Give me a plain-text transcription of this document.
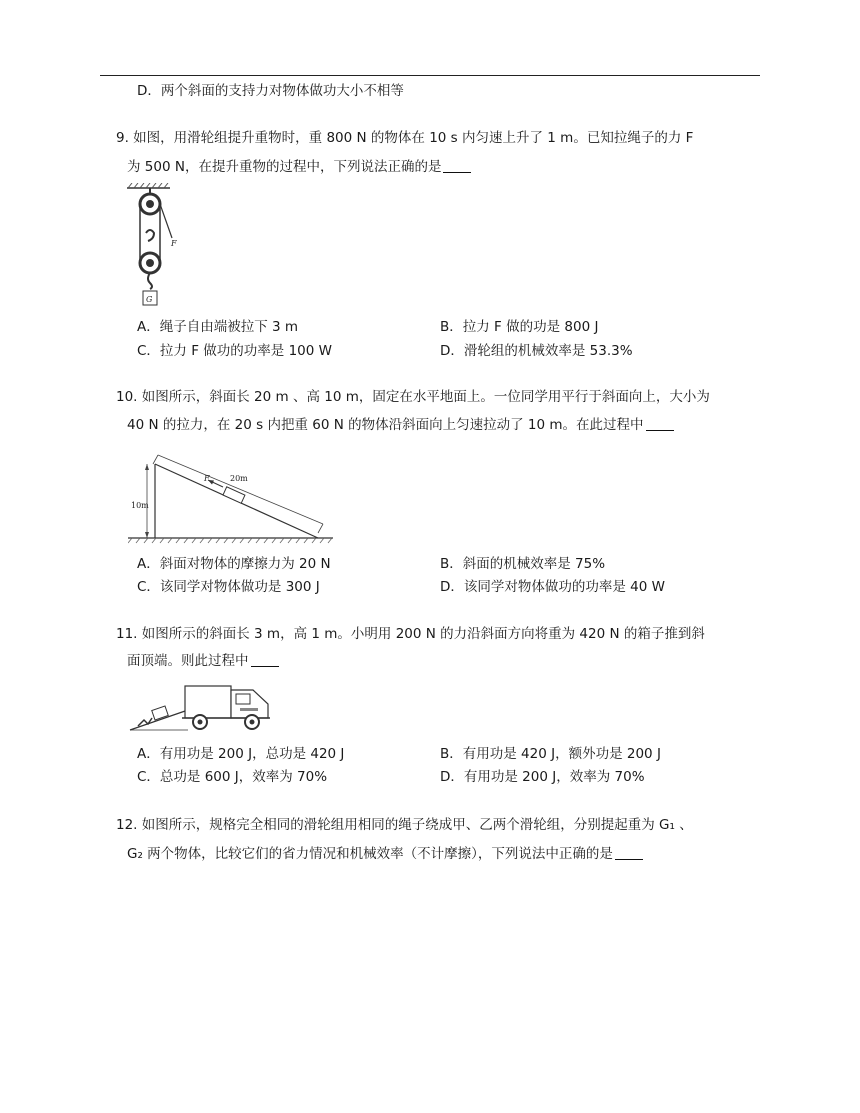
D．两个斜面的支持力对物体做功大小不相等
9. 如图，用滑轮组提升重物时，重 800 N 的物体在 10 s 内匀速上升了 1 m。已知拉绳子的力 F
为 500 N，在提升重物的过程中，下列说法正确的是
F
G
A．绳子自由端被拉下 3 m	B．拉力 F 做的功是 800 J
C．拉力 F 做功的功率是 100 W	D．滑轮组的机械效率是 53.3%
10. 如图所示，斜面长 20 m 、高 10 m，固定在水平地面上。一位同学用平行于斜面向上，大小为
40 N 的拉力，在 20 s 内把重 60 N 的物体沿斜面向上匀速拉动了 10 m。在此过程中
10m
F	20m
A．斜面对物体的摩擦力为 20 N	B．斜面的机械效率是 75%
C．该同学对物体做功是 300 J	D．该同学对物体做功的功率是 40 W
11. 如图所示的斜面长 3 m，高 1 m。小明用 200 N 的力沿斜面方向将重为 420 N 的箱子推到斜
面顶端。则此过程中
A．有用功是 200 J，总功是 420 J	B．有用功是 420 J，额外功是 200 J
C．总功是 600 J，效率为 70%	D．有用功是 200 J，效率为 70%
12. 如图所示，规格完全相同的滑轮组用相同的绳子绕成甲、乙两个滑轮组，分别提起重为 G₁ 、
G₂ 两个物体，比较它们的省力情况和机械效率（不计摩擦），下列说法中正确的是
